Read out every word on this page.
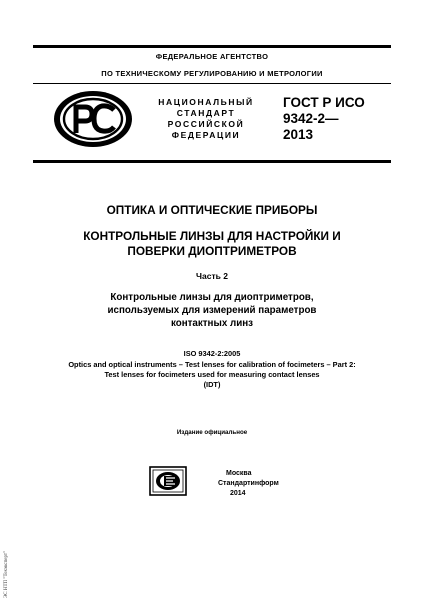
ФЕДЕРАЛЬНОЕ АГЕНТСТВО
ПО ТЕХНИЧЕСКОМУ РЕГУЛИРОВАНИЮ И МЕТРОЛОГИИ
НАЦИОНАЛЬНЫЙ
СТАНДАРТ
РОССИЙСКОЙ
ФЕДЕРАЦИИ
ГОСТ Р ИСО
9342-2—
2013
ОПТИКА И ОПТИЧЕСКИЕ ПРИБОРЫ
КОНТРОЛЬНЫЕ ЛИНЗЫ ДЛЯ НАСТРОЙКИ И
ПОВЕРКИ ДИОПТРИМЕТРОВ
Часть 2
Контрольные линзы для диоптриметров,
используемых для измерений параметров
контактных линз
ISO 9342-2:2005
Optics and optical instruments – Test lenses for calibration of focimeters – Part 2:
Test lenses for focimeters used for measuring contact lenses
(IDT)
Издание официальное
Москва
Стандартинформ
2014
ЭС НТП "Техэксперт"
